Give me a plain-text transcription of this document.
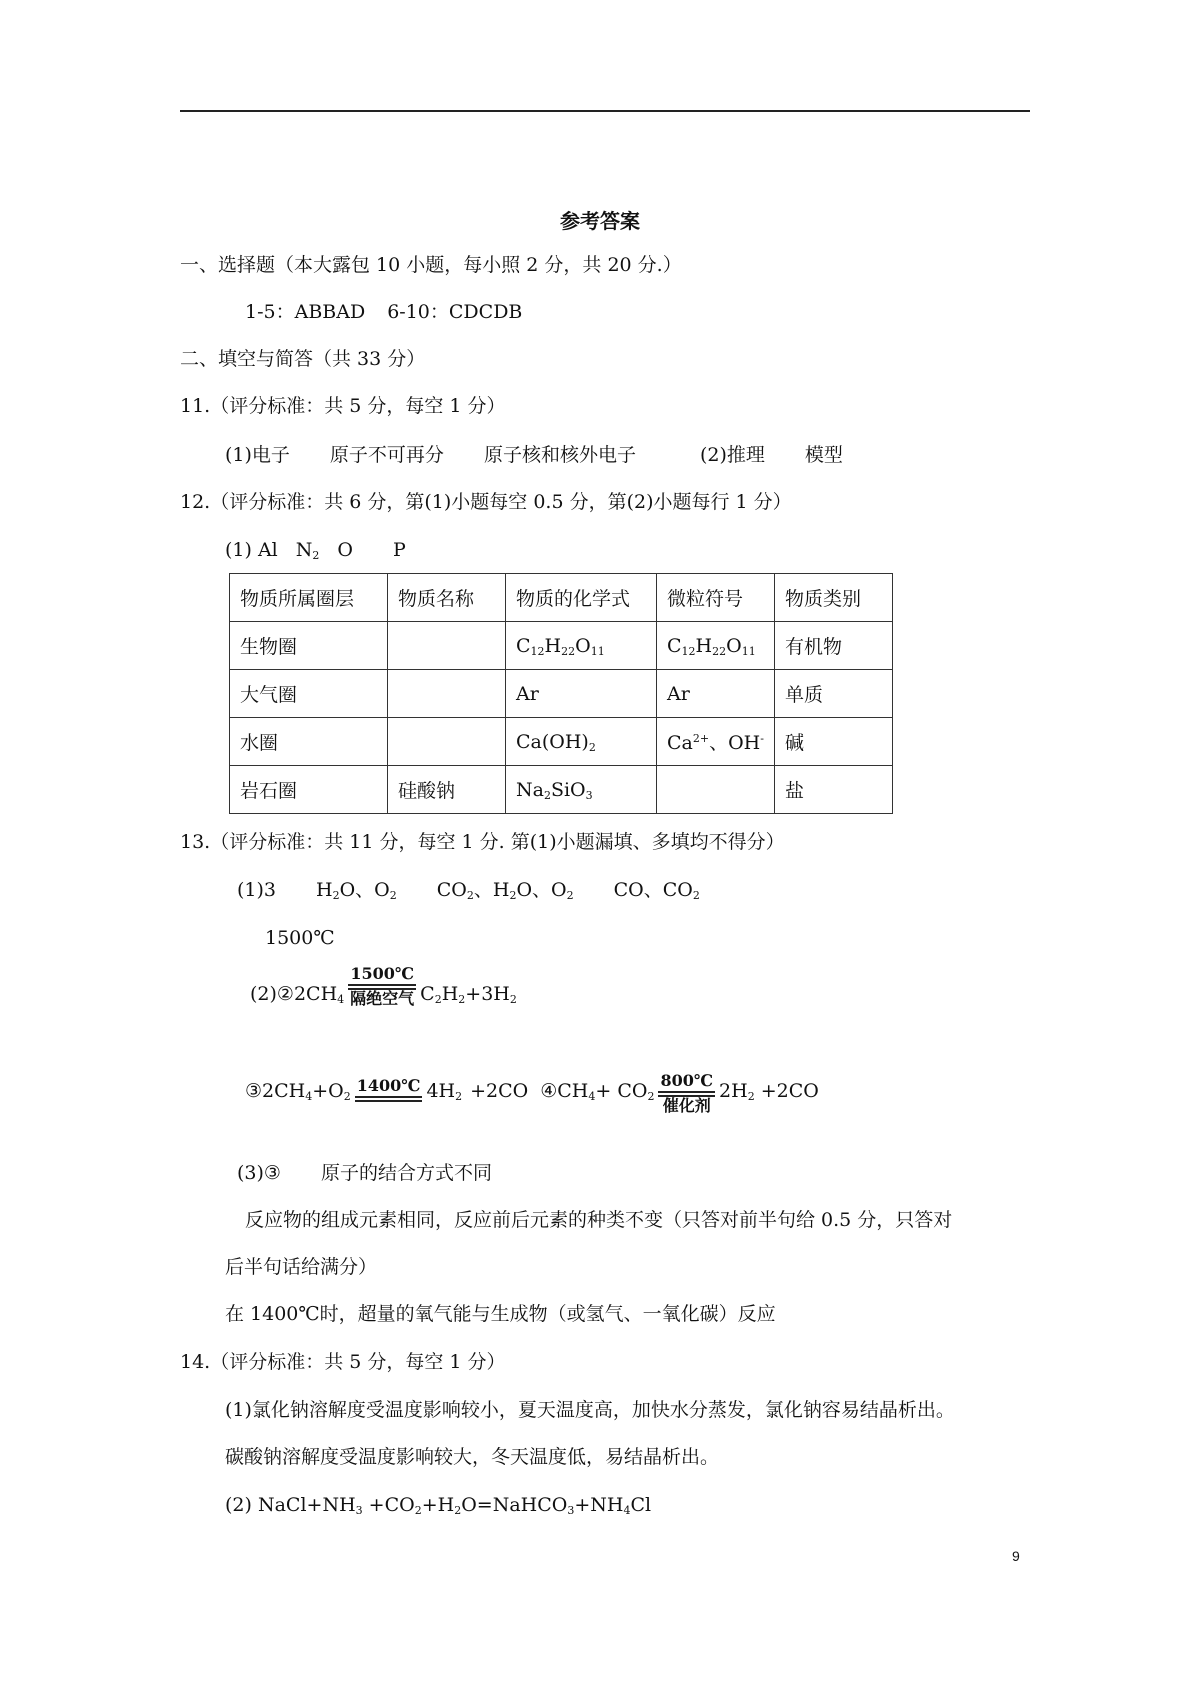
参考答案
一、选择题（本大露包 10 小题，每小照 2 分，共 20 分.）
1-5：ABBAD 6-10：CDCDB
二、填空与简答（共 33 分）
11.（评分标准：共 5 分，每空 1 分）
(1)电子 原子不可再分 原子核和核外电子	(2)推理 模型
12.（评分标准：共 6 分，第(1)小题每空 0.5 分，第(2)小题每行 1 分）
(1) Al $N_2$ O P
物质所属圈层	物质名称	物质的化学式	微粒符号	物质类别
生物圈		$C_{12}H_{22}O_{11}$	$C_{12}H_{22}O_{11}$	有机物
大气圈		Ar	Ar	单质
水圈		$Ca(OH)_2$	$Ca^{2+}$、OH-	碱
岩石圈	硅酸钠	$Na_2SiO_3$		盐
13.（评分标准：共 11 分，每空 1 分. 第(1)小题漏填、多填均不得分）
(1)3 $H_2O$、$O_2$ $CO_2$、$H_2O$、$O_2$ CO、$CO_2$
1500℃
$(2)②2CH_4$
1500℃
隔绝空气 $C_2H_2+3H_2$
$③2CH_4+O_2$
1400℃ $4H_2 +2CO$ $④CH_4+ CO_2$
800℃
催化剂
$2H_2 +2CO$
(3)③ 原子的结合方式不同
反应物的组成元素相同，反应前后元素的种类不变（只答对前半句给 0.5 分，只答对
后半句话给满分）
在 1400℃时，超量的氧气能与生成物（或氢气、一氧化碳）反应
14.（评分标准：共 5 分，每空 1 分）
(1)氯化钠溶解度受温度影响较小，夏天温度高，加快水分蒸发，氯化钠容易结晶析出。
碳酸钠溶解度受温度影响较大，冬天温度低，易结晶析出。
(2) $NaCl+NH_3$ $+CO_2+H_2O=NaHCO_3+NH_4Cl$
9
